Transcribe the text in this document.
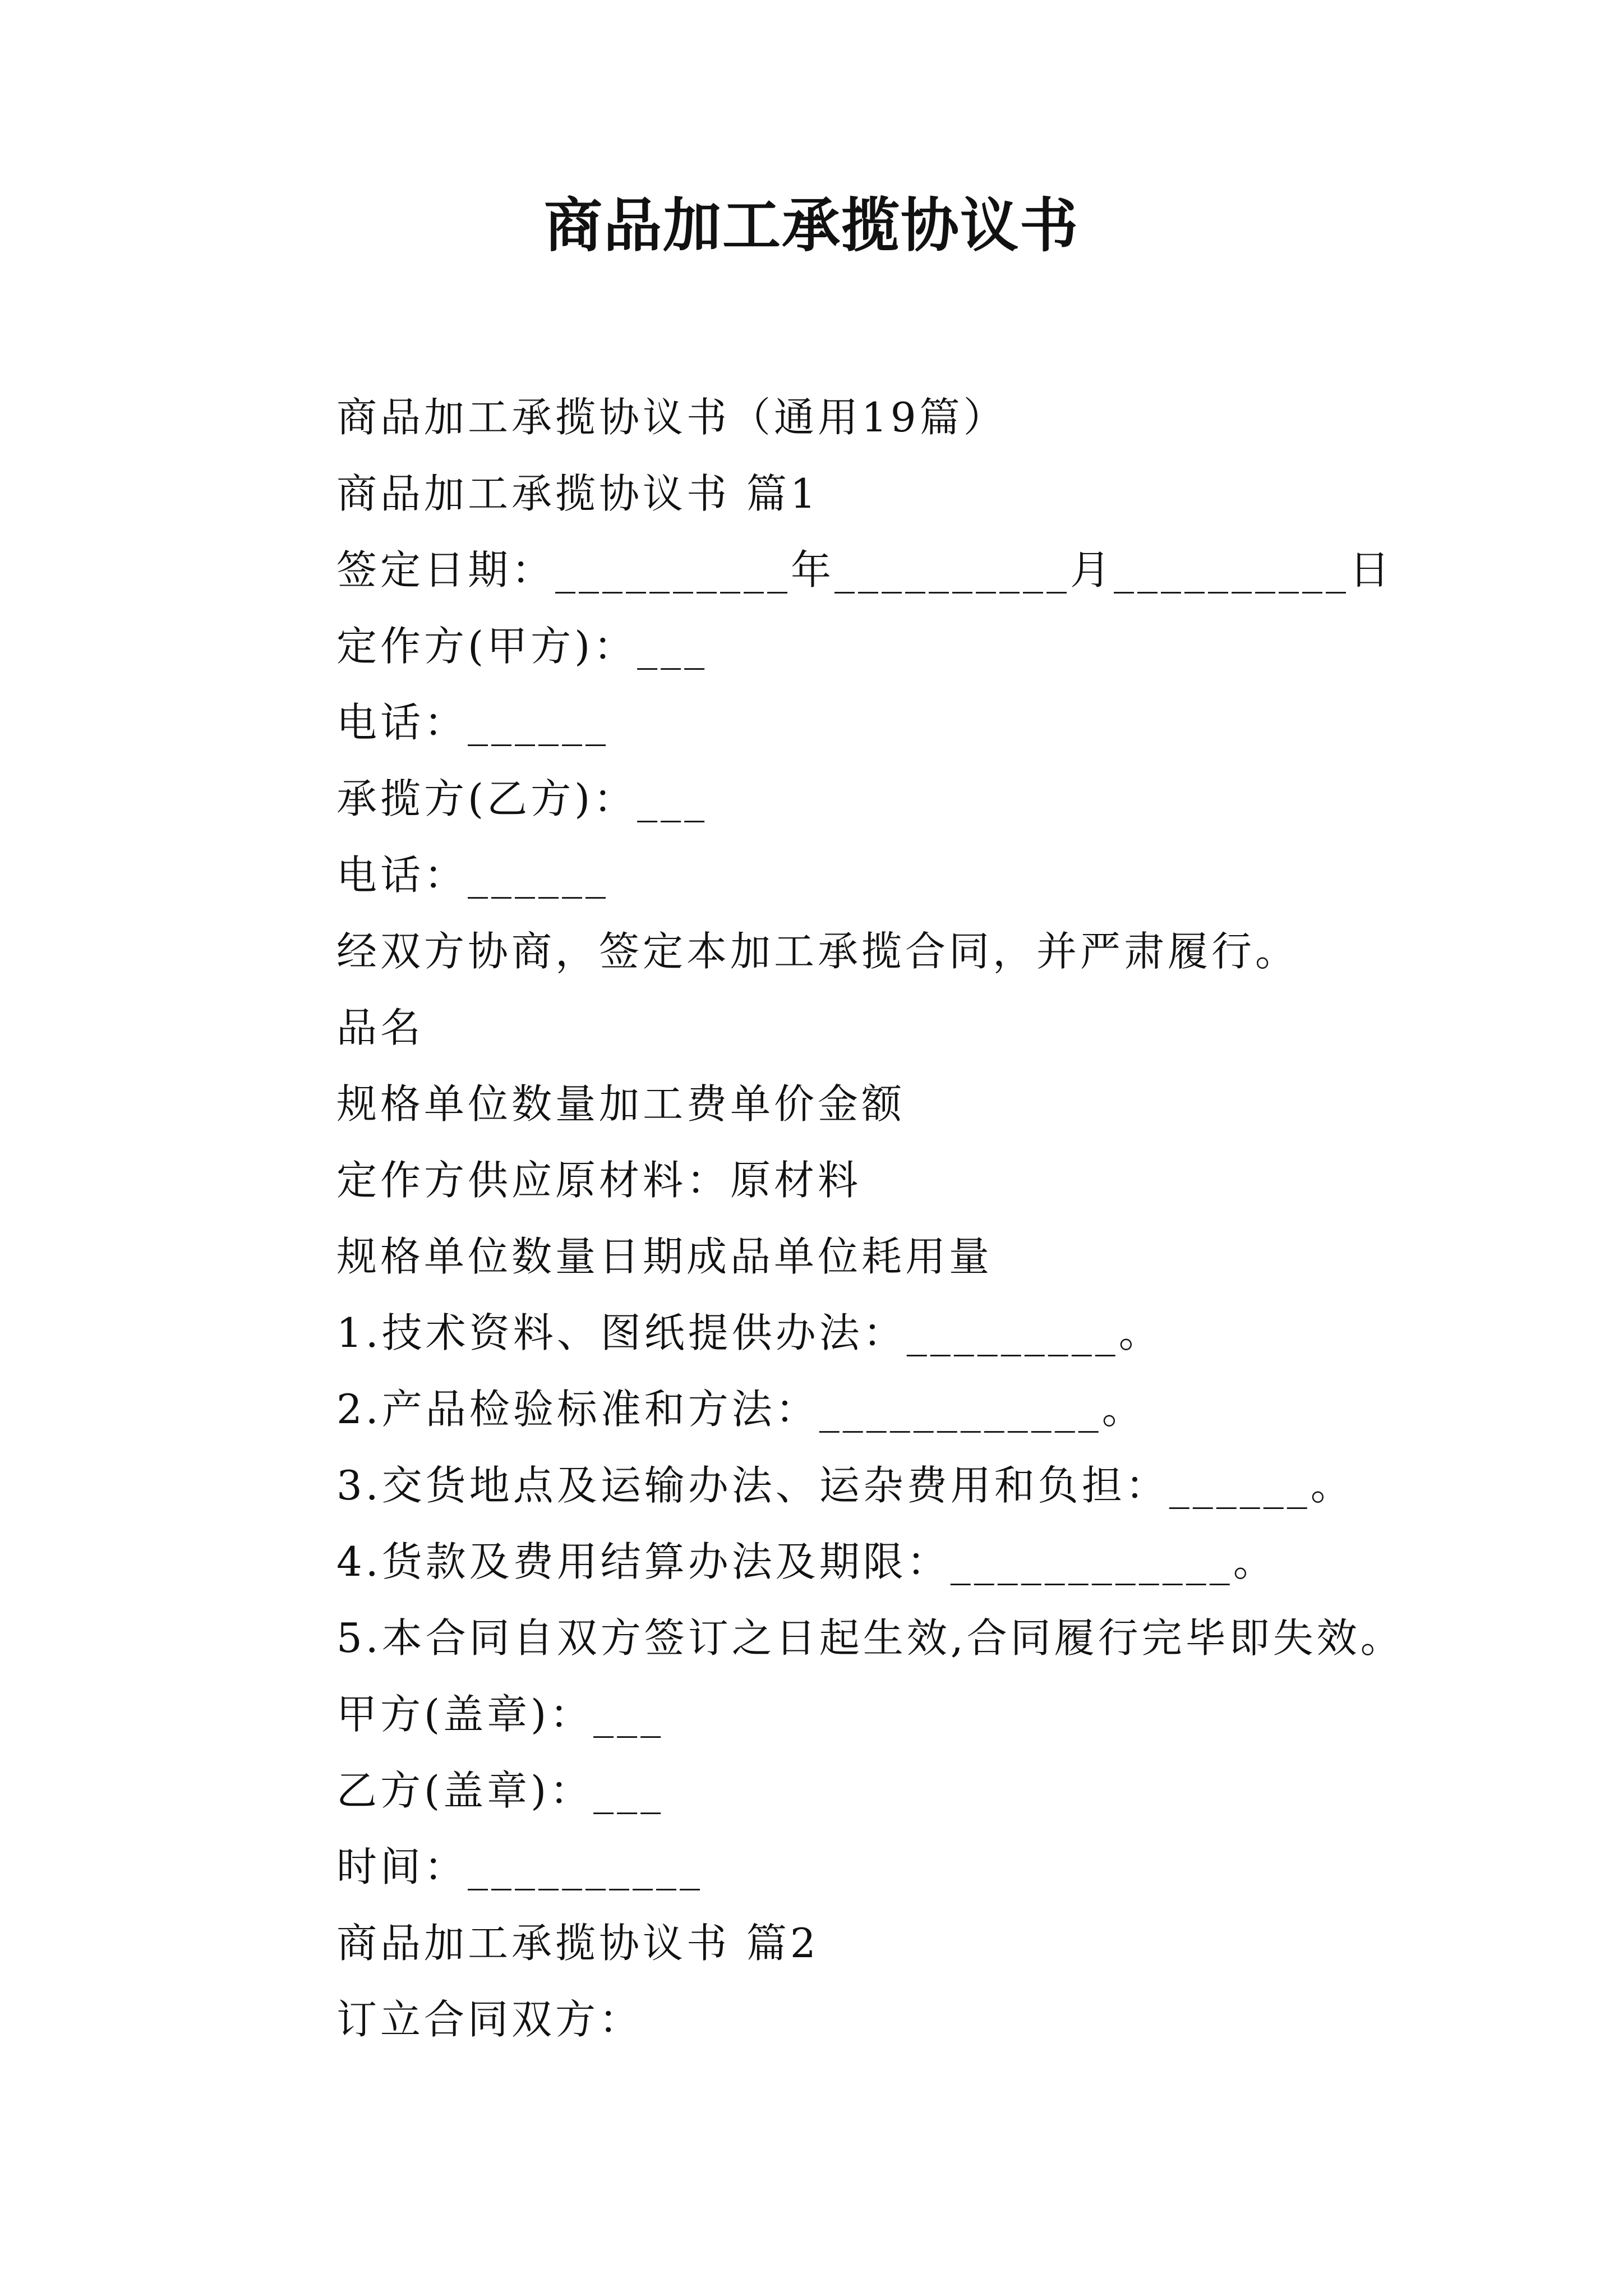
商品加工承揽协议书
商品加工承揽协议书（通用19篇）
商品加工承揽协议书 篇1
签定日期：__________年__________月__________日
定作方(甲方)：___
电话：______
承揽方(乙方)：___
电话：______
经双方协商，签定本加工承揽合同，并严肃履行。
品名
规格单位数量加工费单价金额
定作方供应原材料：原材料
规格单位数量日期成品单位耗用量
1.技术资料、图纸提供办法：_________。
2.产品检验标准和方法：____________。
3.交货地点及运输办法、运杂费用和负担：______。
4.货款及费用结算办法及期限：____________。
5.本合同自双方签订之日起生效,合同履行完毕即失效。
甲方(盖章)：___
乙方(盖章)：___
时间：__________
商品加工承揽协议书 篇2
订立合同双方：
